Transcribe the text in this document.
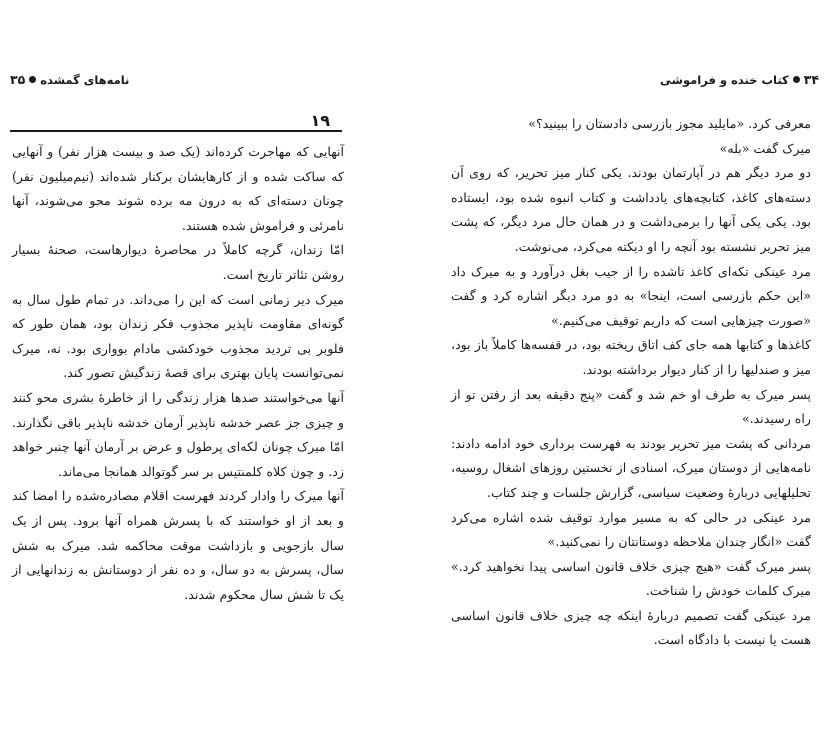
۳۵ نامه‌های گمشده
۱۹

آنهایی که مهاجرت کرده‌اند (یک صد و بیست هزار نفر) و آنهایی که ساکت شده و از کارهایشان برکنار شده‌اند (نیم‌میلیون نفر) چونان دسته‌ای که به درون مه برده شوند محو می‌شوند، آنها نامرئی و فراموش شده هستند.

امّا زندان، گرچه کاملاً در محاصرهٔ دیوارهاست، صحنهٔ بسیار روشن تئاتر تاریخ است.

میرک دیر زمانی است که این را می‌داند. در تمام طول سال به گونه‌ای مقاومت ناپذیر مجذوب فکر زندان بود، همان طور که فلوبر بی تردید مجذوب خودکشی مادام بوواری بود. نه، میرک نمی‌توانست پایان بهتری برای قصهٔ زندگیش تصور کند.

آنها می‌خواستند صدها هزار زندگی را از خاطرهٔ بشری محو کنند و چیزی جز عصر خدشه ناپذیر آرمان خدشه ناپذیر باقی نگذارند. امّا میرک چونان لکه‌ای پرطول و عرض بر آرمان آنها چنبر خواهد زد. و چون کلاه کلمنتیس بر سر گوتوالد همانجا می‌ماند.

آنها میرک را وادار کردند فهرست اقلام مصادره‌شده را امضا کند و بعد از او خواستند که با پسرش همراه آنها برود. پس از یک سال بازجویی و بازداشت موقت محاکمه شد. میرک به شش سال، پسرش به دو سال، و ده نفر از دوستانش به زندانهایی از یک تا شش سال محکوم شدند.

۳۴
کتاب خنده و فراموشی

معرفی کرد. «مایلید مجوز بازرسی دادستان را ببینید؟»

میرک گفت «بله»

دو مرد دیگر هم در آپارتمان بودند. یکی کنار میز تحریر، که روی آن دسته‌های کاغذ، کتابچه‌های یادداشت و کتاب انبوه شده بود، ایستاده بود. یکی یکی آنها را برمی‌داشت و در همان حال مرد دیگر، که پشت میز تحریر نشسته بود آنچه را او دیکته می‌کرد، می‌نوشت.

مرد عینکی تکه‌ای کاغذ تاشده را از جیب بغل درآورد و به میرک داد «این حکم بازرسی است، اینجا» به دو مرد دیگر اشاره کرد و گفت «صورت چیزهایی است که داریم توقیف می‌کنیم.»

کاغذها و کتابها همه جای کف اتاق ریخته بود، در قفسه‌ها کاملاً باز بود، میز و صندلیها را از کنار دیوار برداشته بودند.

پسر میرک به طرف او خم شد و گفت «پنج دقیقه بعد از رفتن تو از راه رسیدند.»

مردانی که پشت میز تحریر بودند به فهرست برداری خود ادامه دادند: نامه‌هایی از دوستان میرک، اسنادی از نخستین روزهای اشغال روسیه، تحلیلهایی دربارهٔ وضعیت سیاسی، گزارش جلسات و چند کتاب.

مرد عینکی در حالی که به مسیر موارد توقیف شده اشاره می‌کرد گفت «انگار چندان ملاحظه دوستانتان را نمی‌کنید.»

پسر میرک گفت «هیچ چیزی خلاف قانون اساسی پیدا نخواهید کرد.» میرک کلمات خودش را شناخت.

مرد عینکی گفت تصمیم دربارهٔ اینکه چه چیزی خلاف قانون اساسی هست یا نیست با دادگاه است.
